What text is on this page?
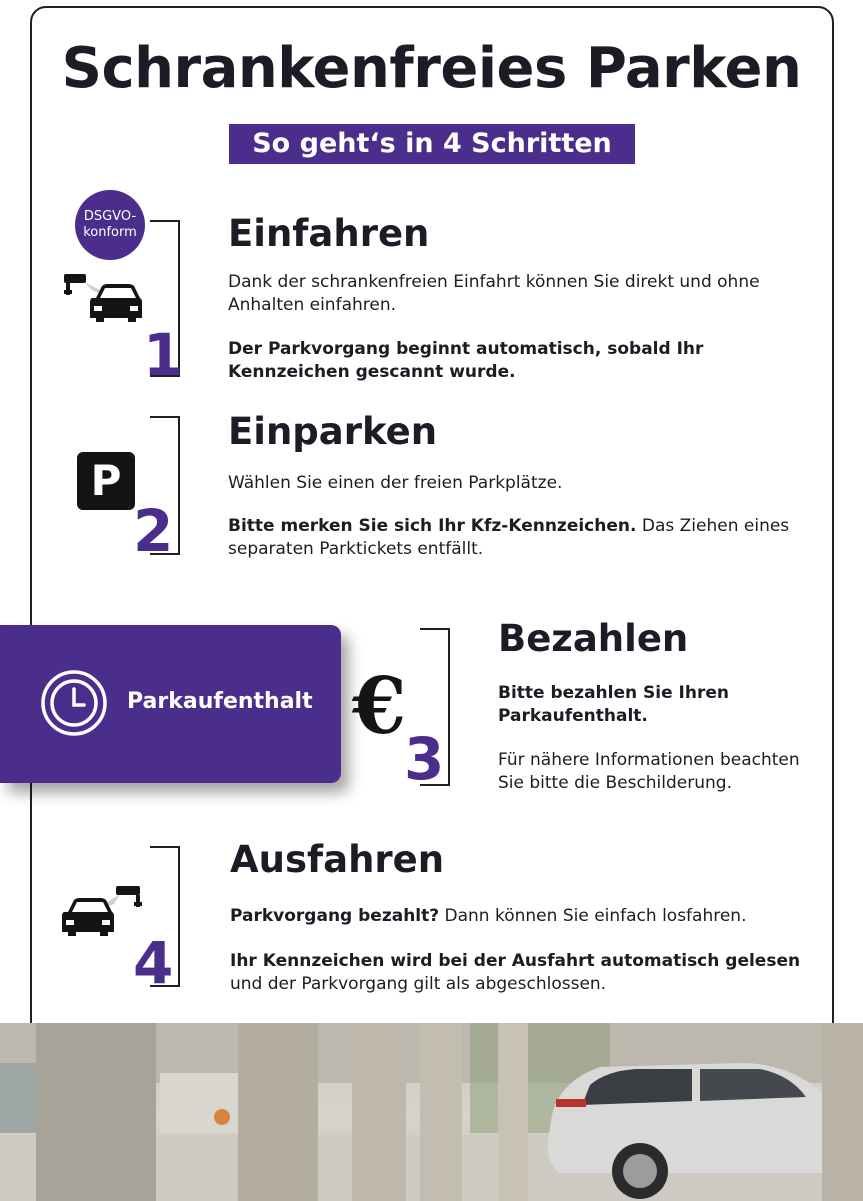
Schrankenfreies Parken
So geht‘s in 4 Schritten
DSGVO-
konform
1
Einfahren
Dank der schrankenfreien Einfahrt können Sie direkt und ohne Anhalten einfahren.
Der Parkvorgang beginnt automatisch, sobald Ihr Kennzeichen gescannt wurde.
P
2
Einparken
Wählen Sie einen der freien Parkplätze.
Bitte merken Sie sich Ihr Kfz-Kennzeichen. Das Ziehen eines separaten Parktickets entfällt.
Parkaufenthalt €
3
Bezahlen
Bitte bezahlen Sie Ihren Parkaufenthalt.
Für nähere Informationen beachten Sie bitte die Beschilderung.
4
Ausfahren
Parkvorgang bezahlt? Dann können Sie einfach losfahren.
Ihr Kennzeichen wird bei der Ausfahrt automatisch gelesen und der Parkvorgang gilt als abgeschlossen.
